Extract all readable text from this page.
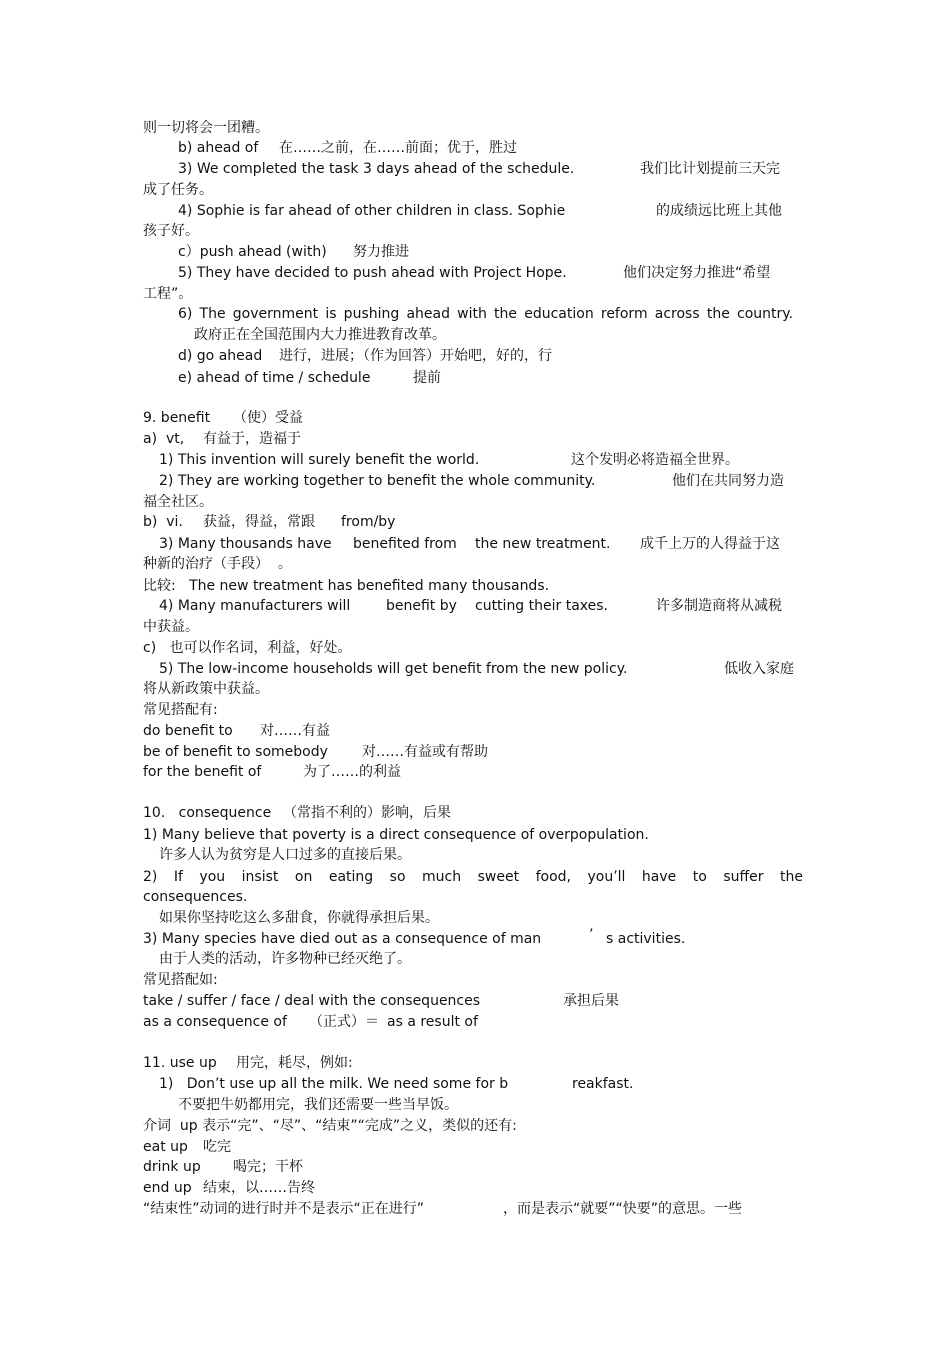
则一切将会一团糟。
b) ahead of 在……之前，在……前面；优于，胜过
3) We completed the task 3 days ahead of the schedule.	我们比计划提前三天完
成了任务。
4) Sophie is far ahead of other children in class. Sophie	的成绩远比班上其他
孩子好。
c）push ahead (with) 努力推进
5) They have decided to push ahead with Project Hope.	他们决定努力推进“希望
工程”。
6) The government is pushing ahead with the education reform across the country.
政府正在全国范围内大力推进教育改革。
d) go ahead 进行，进展；（作为回答）开始吧，好的，行
e) ahead of time / schedule	提前
9. benefit （使）受益
a)  vt, 有益于，造福于
1) This invention will surely benefit the world.	这个发明必将造福全世界。
2) They are working together to benefit the whole community.	他们在共同努力造
福全社区。
b)  vi. 获益，得益，常跟 from/by
3) Many thousands have benefited from the new treatment. 成千上万的人得益于这
种新的治疗（手段）  。
比较:   The new treatment has benefited many thousands.
4) Many manufacturers will	benefit by cutting their taxes.	许多制造商将从减税
中获益。
c)   也可以作名词，利益，好处。
5) The low-income households will get benefit from the new policy.	低收入家庭
将从新政策中获益。
常见搭配有:
do benefit to 对……有益
be of benefit to somebody 对……有益或有帮助
for the benefit of	为了……的利益
10.   consequence （常指不利的）影响，后果
1) Many believe that poverty is a direct consequence of overpopulation.
许多人认为贫穷是人口过多的直接后果。
2) If you insist on eating so much sweet food, you’ll have to suffer the
consequences.
如果你坚持吃这么多甜食，你就得承担后果。
3) Many species have died out as a consequence of man	’ s activities.
由于人类的活动，许多物种已经灭绝了。
常见搭配如:
take / suffer / face / deal with the consequences	承担后果
as a consequence of （正式）＝ as a result of
11. use up 用完，耗尽，例如:
1)   Don’t use up all the milk. We need some for b	reakfast.
不要把牛奶都用完，我们还需要一些当早饭。
介词  up 表示“完”、“尽”、“结束”“完成”之义，类似的还有:
eat up 吃完
drink up 喝完；干杯
end up 结束，以……告终
“结束性”动词的进行时并不是表示“正在进行”	，而是表示“就要”“快要”的意思。一些
